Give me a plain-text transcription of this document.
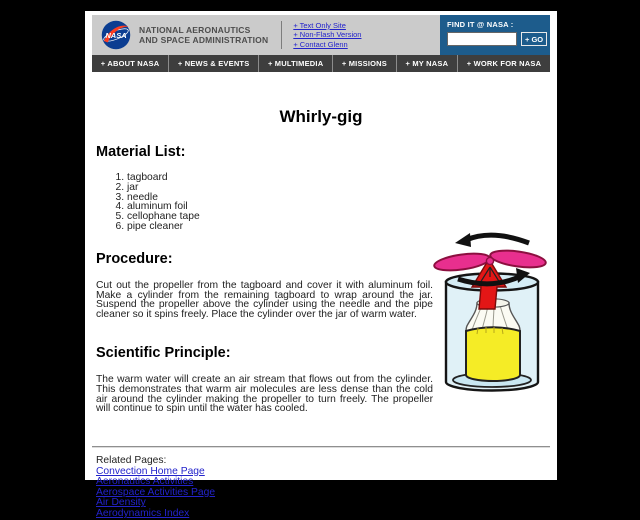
NASA
NATIONAL AERONAUTICS
AND SPACE ADMINISTRATION
+ Text Only Site
+ Non-Flash Version
+ Contact Glenn
FIND IT @ NASA :
+ GO
+ ABOUT NASA	+ NEWS & EVENTS	+ MULTIMEDIA	+ MISSIONS	+ MY NASA	+ WORK FOR NASA
Whirly-gig
Material List:
1. tagboard
2. jar
3. needle
4. aluminum foil
5. cellophane tape
6. pipe cleaner
Procedure:

Cut out the propeller from the tagboard and cover it with aluminum foil. Make a cylinder from the remaining tagboard to wrap around the jar. Suspend the propeller above the cylinder using the needle and the pipe cleaner so it spins freely. Place the cylinder over the jar of warm water.

Scientific Principle:

The warm water will create an air stream that flows out from the cylinder. This demonstrates that warm air molecules are less dense than the cold air around the cylinder making the propeller to turn freely. The propeller will continue to spin until the water has cooled.

Related Pages:
Convection Home Page
Aeronautics Activities
Aerospace Activities Page
Air Density
Aerodynamics Index
